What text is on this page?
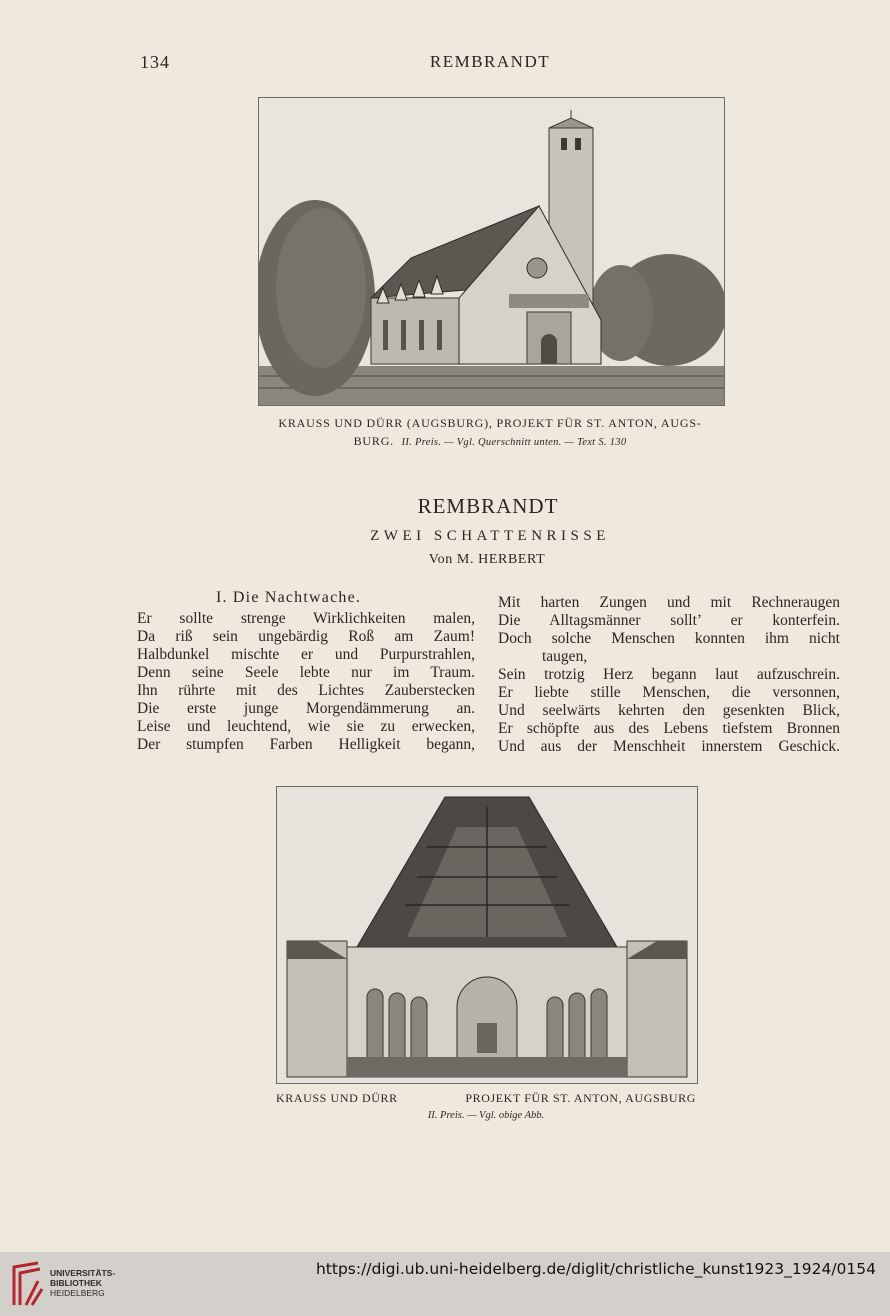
134	REMBRANDT
KRAUSS UND DÜRR (AUGSBURG), PROJEKT FÜR ST. ANTON, AUGS-
BURG. II. Preis. — Vgl. Querschnitt unten. — Text S. 130
REMBRANDT
ZWEI SCHATTENRISSE
Von M. HERBERT
I. Die Nachtwache.
Er sollte strenge Wirklichkeiten malen,
Da riß sein ungebärdig Roß am Zaum!
Halbdunkel mischte er und Purpurstrahlen,
Denn seine Seele lebte nur im Traum.
Ihn rührte mit des Lichtes Zauberstecken
Die erste junge Morgendämmerung an.
Leise und leuchtend, wie sie zu erwecken,
Der stumpfen Farben Helligkeit begann,
Mit harten Zungen und mit Rechneraugen
Die Alltagsmänner sollt’ er konterfein.
Doch solche Menschen konnten ihm nicht
taugen,
Sein trotzig Herz begann laut aufzuschrein.
Er liebte stille Menschen, die versonnen,
Und seelwärts kehrten den gesenkten Blick,
Er schöpfte aus des Lebens tiefstem Bronnen
Und aus der Menschheit innerstem Geschick.
KRAUSS UND DÜRR	PROJEKT FÜR ST. ANTON, AUGSBURG
II. Preis. — Vgl. obige Abb.
UNIVERSITÄTS-
BIBLIOTHEK
HEIDELBERG
https://digi.ub.uni-heidelberg.de/diglit/christliche_kunst1923_1924/0154
